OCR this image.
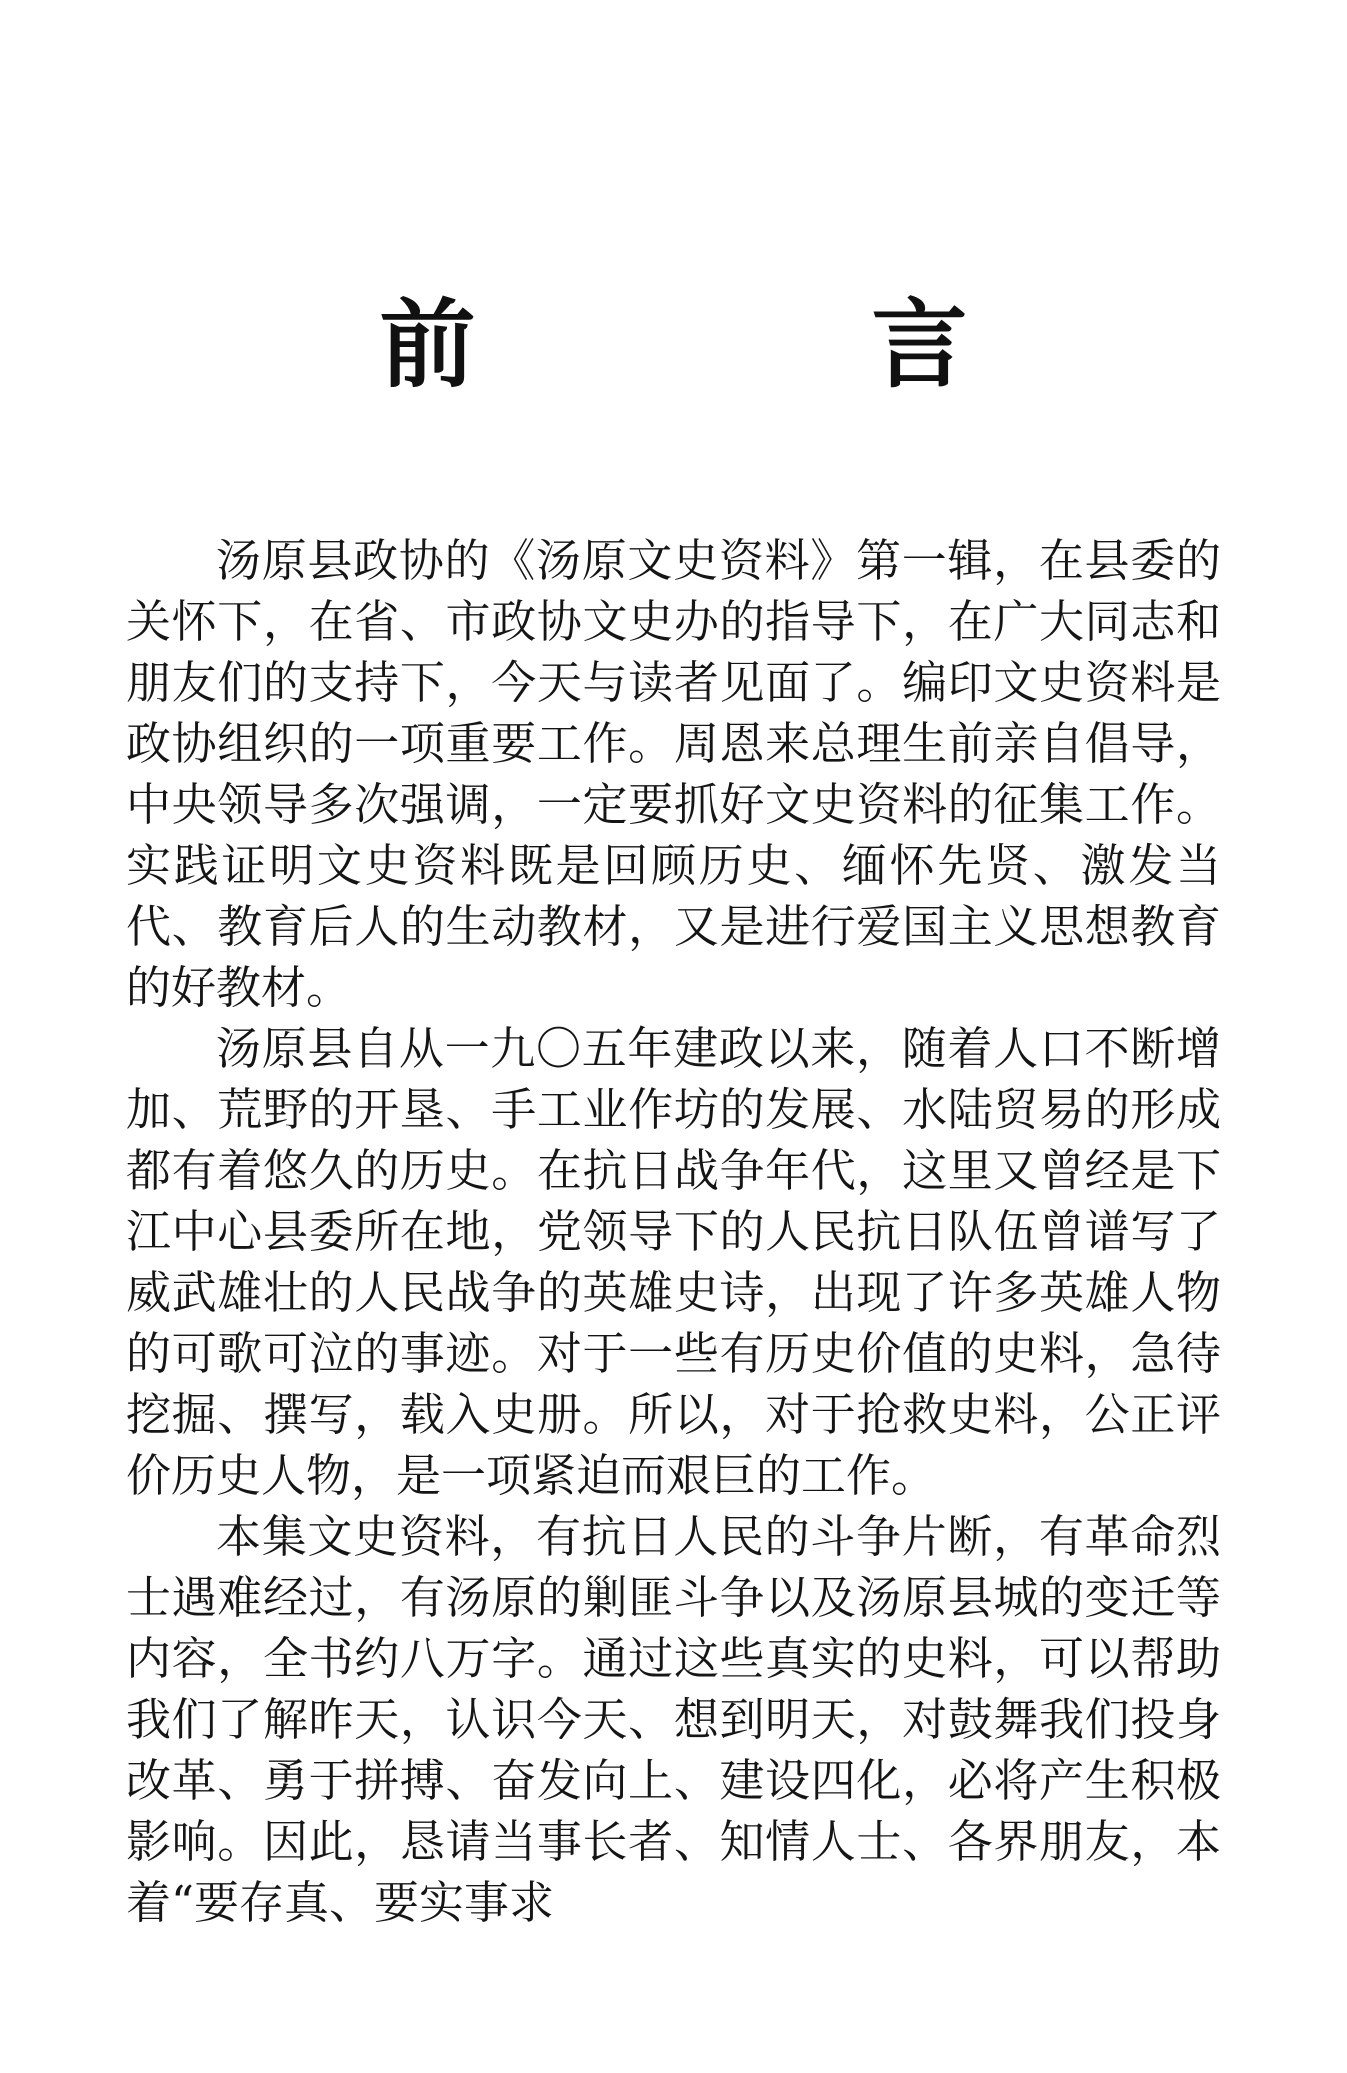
前　言

汤原县政协的《汤原文史资料》第一辑，在县委的关怀下，在省、市政协文史办的指导下，在广大同志和朋友们的支持下，今天与读者见面了。编印文史资料是政协组织的一项重要工作。周恩来总理生前亲自倡导，中央领导多次强调，一定要抓好文史资料的征集工作。实践证明文史资料既是回顾历史、缅怀先贤、激发当代、教育后人的生动教材，又是进行爱国主义思想教育的好教材。

汤原县自从一九〇五年建政以来，随着人口不断增加、荒野的开垦、手工业作坊的发展、水陆贸易的形成都有着悠久的历史。在抗日战争年代，这里又曾经是下江中心县委所在地，党领导下的人民抗日队伍曾谱写了威武雄壮的人民战争的英雄史诗，出现了许多英雄人物的可歌可泣的事迹。对于一些有历史价值的史料，急待挖掘、撰写，载入史册。所以，对于抢救史料，公正评价历史人物，是一项紧迫而艰巨的工作。

本集文史资料，有抗日人民的斗争片断，有革命烈士遇难经过，有汤原的剿匪斗争以及汤原县城的变迁等内容，全书约八万字。通过这些真实的史料，可以帮助我们了解昨天，认识今天、想到明天，对鼓舞我们投身改革、勇于拼搏、奋发向上、建设四化，必将产生积极影响。因此，恳请当事长者、知情人士、各界朋友，本着“要存真、要实事求
